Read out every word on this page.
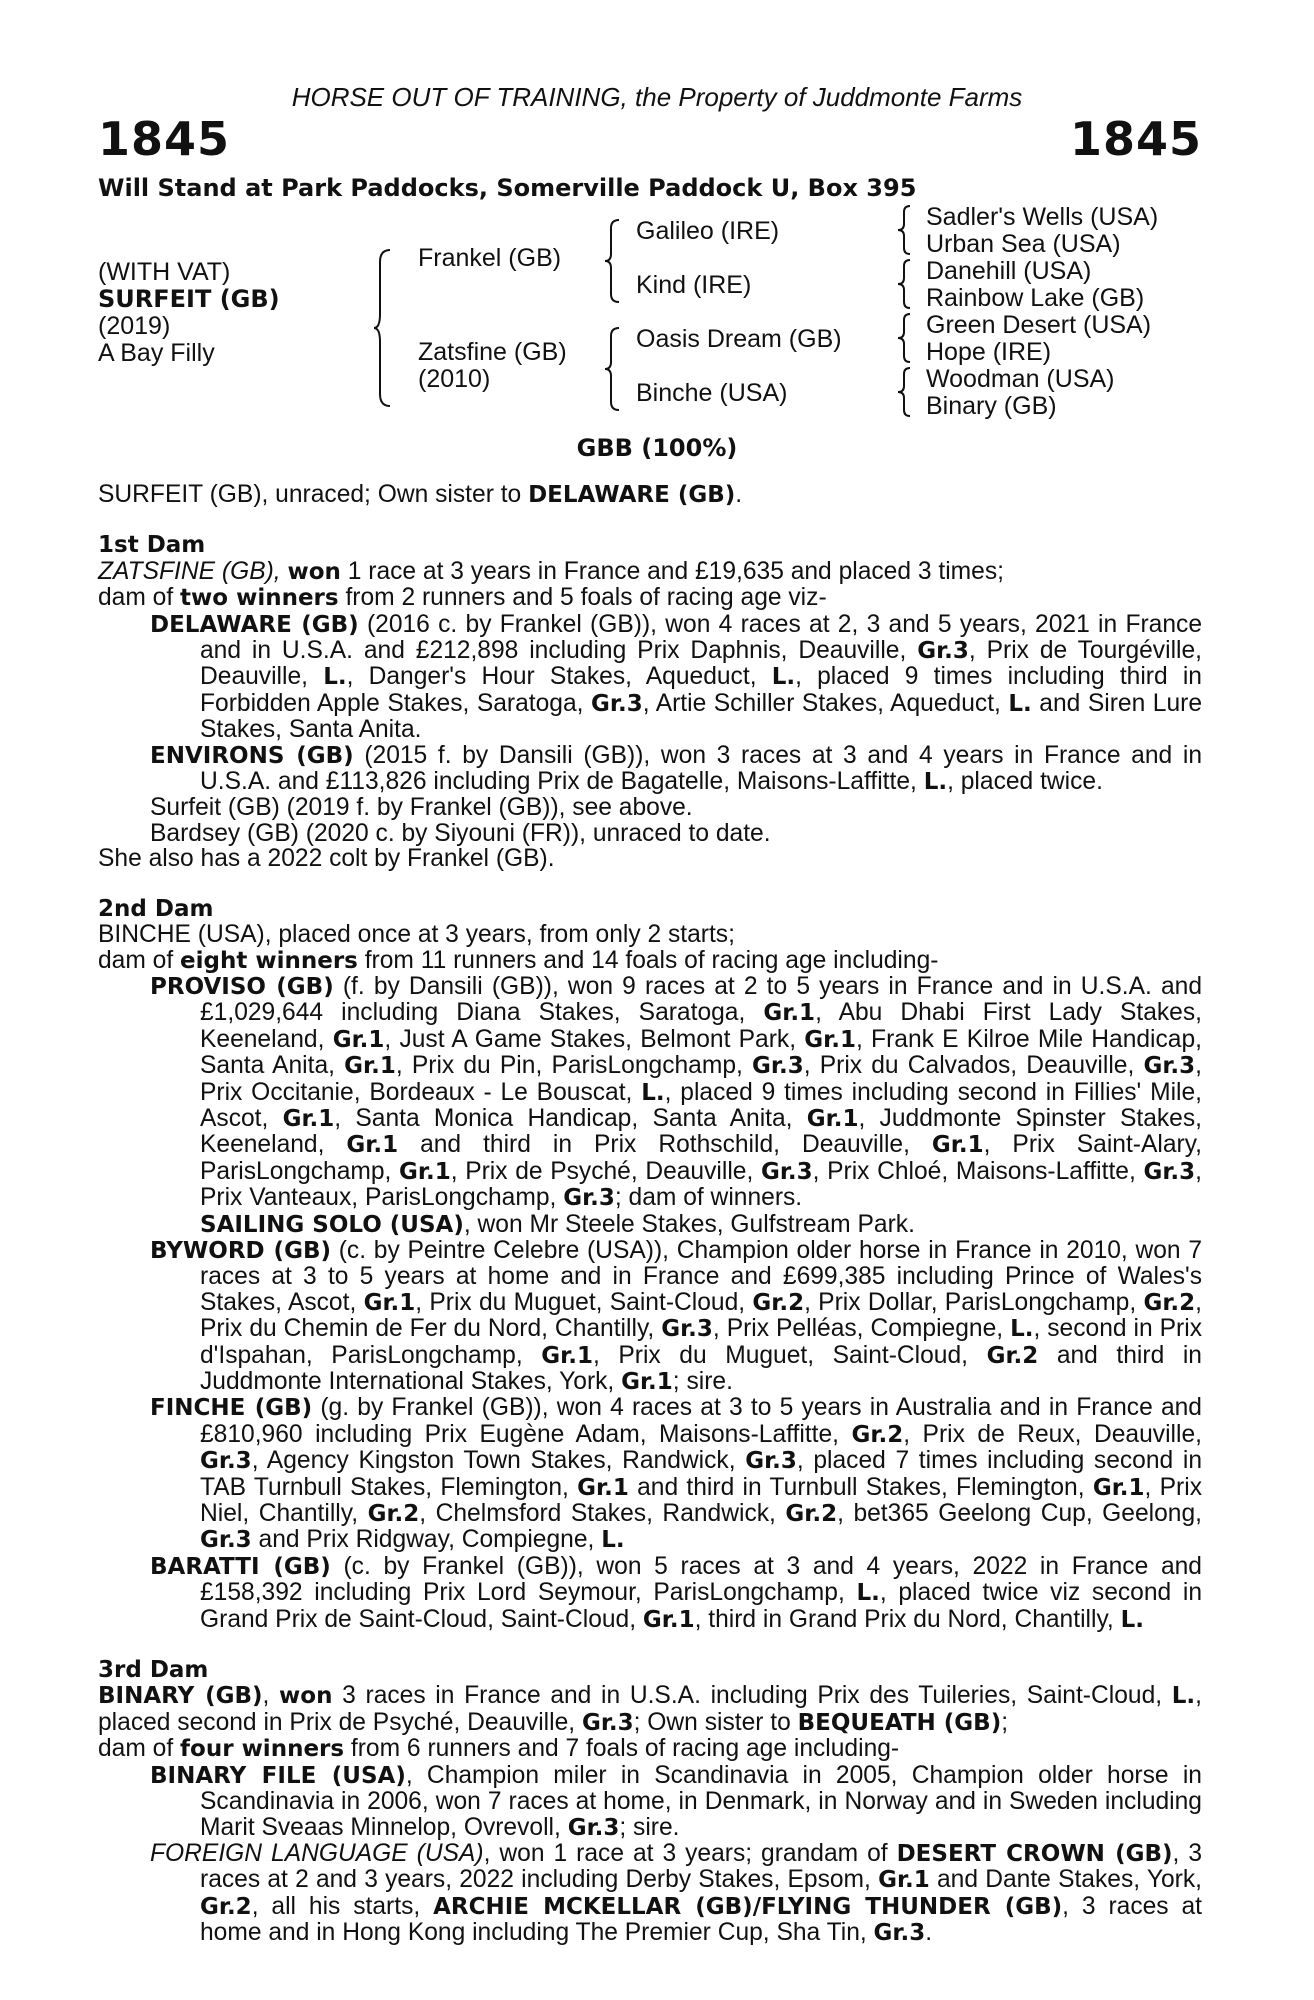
HORSE OUT OF TRAINING, the Property of Juddmonte Farms
1845	1845
Will Stand at Park Paddocks, Somerville Paddock U, Box 395
(WITH VAT)
SURFEIT (GB)
(2019)
A Bay Filly
Frankel (GB)
Zatsfine (GB)
(2010)
Galileo (IRE)
Kind (IRE)
Oasis Dream (GB)
Binche (USA)
Sadler's Wells (USA)
Urban Sea (USA)
Danehill (USA)
Rainbow Lake (GB)
Green Desert (USA)
Hope (IRE)
Woodman (USA)
Binary (GB)
GBB (100%)

SURFEIT (GB), unraced; Own sister to DELAWARE (GB).

1st Dam

ZATSFINE (GB), won 1 race at 3 years in France and £19,635 and placed 3 times;

dam of two winners from 2 runners and 5 foals of racing age viz-

DELAWARE (GB) (2016 c. by Frankel (GB)), won 4 races at 2, 3 and 5 years, 2021 in France and in U.S.A. and £212,898 including Prix Daphnis, Deauville, Gr.3, Prix de Tourgéville, Deauville, L., Danger's Hour Stakes, Aqueduct, L., placed 9 times including third in Forbidden Apple Stakes, Saratoga, Gr.3, Artie Schiller Stakes, Aqueduct, L. and Siren Lure Stakes, Santa Anita.

ENVIRONS (GB) (2015 f. by Dansili (GB)), won 3 races at 3 and 4 years in France and in U.S.A. and £113,826 including Prix de Bagatelle, Maisons-Laffitte, L., placed twice.

Surfeit (GB) (2019 f. by Frankel (GB)), see above.

Bardsey (GB) (2020 c. by Siyouni (FR)), unraced to date.

She also has a 2022 colt by Frankel (GB).

2nd Dam

BINCHE (USA), placed once at 3 years, from only 2 starts;

dam of eight winners from 11 runners and 14 foals of racing age including-

PROVISO (GB) (f. by Dansili (GB)), won 9 races at 2 to 5 years in France and in U.S.A. and £1,029,644 including Diana Stakes, Saratoga, Gr.1, Abu Dhabi First Lady Stakes, Keeneland, Gr.1, Just A Game Stakes, Belmont Park, Gr.1, Frank E Kilroe Mile Handicap, Santa Anita, Gr.1, Prix du Pin, ParisLongchamp, Gr.3, Prix du Calvados, Deauville, Gr.3, Prix Occitanie, Bordeaux - Le Bouscat, L., placed 9 times including second in Fillies' Mile, Ascot, Gr.1, Santa Monica Handicap, Santa Anita, Gr.1, Juddmonte Spinster Stakes, Keeneland, Gr.1 and third in Prix Rothschild, Deauville, Gr.1, Prix Saint-Alary, ParisLongchamp, Gr.1, Prix de Psyché, Deauville, Gr.3, Prix Chloé, Maisons-Laffitte, Gr.3, Prix Vanteaux, ParisLongchamp, Gr.3; dam of winners.

SAILING SOLO (USA), won Mr Steele Stakes, Gulfstream Park.

BYWORD (GB) (c. by Peintre Celebre (USA)), Champion older horse in France in 2010, won 7 races at 3 to 5 years at home and in France and £699,385 including Prince of Wales's Stakes, Ascot, Gr.1, Prix du Muguet, Saint-Cloud, Gr.2, Prix Dollar, ParisLongchamp, Gr.2, Prix du Chemin de Fer du Nord, Chantilly, Gr.3, Prix Pelléas, Compiegne, L., second in Prix d'Ispahan, ParisLongchamp, Gr.1, Prix du Muguet, Saint-Cloud, Gr.2 and third in Juddmonte International Stakes, York, Gr.1; sire.

FINCHE (GB) (g. by Frankel (GB)), won 4 races at 3 to 5 years in Australia and in France and £810,960 including Prix Eugène Adam, Maisons-Laffitte, Gr.2, Prix de Reux, Deauville, Gr.3, Agency Kingston Town Stakes, Randwick, Gr.3, placed 7 times including second in TAB Turnbull Stakes, Flemington, Gr.1 and third in Turnbull Stakes, Flemington, Gr.1, Prix Niel, Chantilly, Gr.2, Chelmsford Stakes, Randwick, Gr.2, bet365 Geelong Cup, Geelong, Gr.3 and Prix Ridgway, Compiegne, L.

BARATTI (GB) (c. by Frankel (GB)), won 5 races at 3 and 4 years, 2022 in France and £158,392 including Prix Lord Seymour, ParisLongchamp, L., placed twice viz second in Grand Prix de Saint-Cloud, Saint-Cloud, Gr.1, third in Grand Prix du Nord, Chantilly, L.

3rd Dam

BINARY (GB), won 3 races in France and in U.S.A. including Prix des Tuileries, Saint-Cloud, L., placed second in Prix de Psyché, Deauville, Gr.3; Own sister to BEQUEATH (GB);

dam of four winners from 6 runners and 7 foals of racing age including-

BINARY FILE (USA), Champion miler in Scandinavia in 2005, Champion older horse in Scandinavia in 2006, won 7 races at home, in Denmark, in Norway and in Sweden including Marit Sveaas Minnelop, Ovrevoll, Gr.3; sire.

FOREIGN LANGUAGE (USA), won 1 race at 3 years; grandam of DESERT CROWN (GB), 3 races at 2 and 3 years, 2022 including Derby Stakes, Epsom, Gr.1 and Dante Stakes, York, Gr.2, all his starts, ARCHIE MCKELLAR (GB)/FLYING THUNDER (GB), 3 races at home and in Hong Kong including The Premier Cup, Sha Tin, Gr.3.
